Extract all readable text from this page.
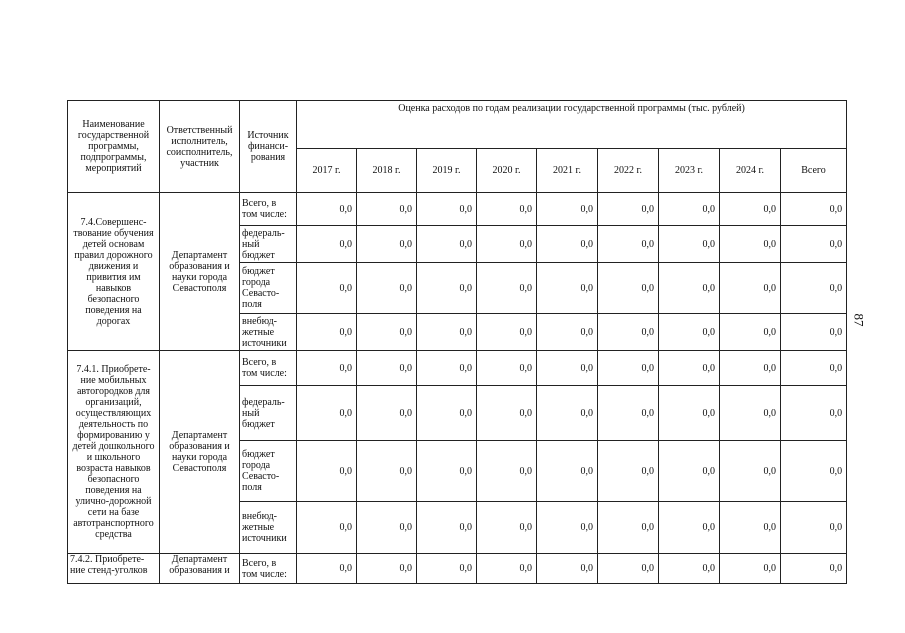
87
Наименование государственной программы, подпрограммы, мероприятий	Ответственный исполнитель, соисполнитель, участник	Источник финанси-рования	Оценка расходов по годам реализации государственной программы (тыс. рублей)								
			2017 г.	2018 г.	2019 г.	2020 г.	2021 г.	2022 г.	2023 г.	2024 г.	Всего
7.4.Совершенс-твование обучения детей основам правил дорожного движения и привития им навыков безопасного поведения на дорогах	Департамент образования и науки города Севастополя	Всего, в том числе:	0,0	0,0	0,0	0,0	0,0	0,0	0,0	0,0	0,0
		федераль-ный бюджет	0,0	0,0	0,0	0,0	0,0	0,0	0,0	0,0	0,0
		бюджет города Севасто-поля	0,0	0,0	0,0	0,0	0,0	0,0	0,0	0,0	0,0
		внебюд-жетные источники	0,0	0,0	0,0	0,0	0,0	0,0	0,0	0,0	0,0
7.4.1. Приобрете-ние мобильных автогородков для организаций, осуществляющих деятельность по формированию у детей дошкольного и школьного возраста навыков безопасного поведения на улично-дорожной сети на базе автотранспортного средства	Департамент образования и науки города Севастополя	Всего, в том числе:	0,0	0,0	0,0	0,0	0,0	0,0	0,0	0,0	0,0
		федераль-ный бюджет	0,0	0,0	0,0	0,0	0,0	0,0	0,0	0,0	0,0
		бюджет города Севасто-поля	0,0	0,0	0,0	0,0	0,0	0,0	0,0	0,0	0,0
		внебюд-жетные источники	0,0	0,0	0,0	0,0	0,0	0,0	0,0	0,0	0,0
7.4.2. Приобрете-ние стенд-уголков	Департамент образования и	Всего, в том числе:	0,0	0,0	0,0	0,0	0,0	0,0	0,0	0,0	0,0
